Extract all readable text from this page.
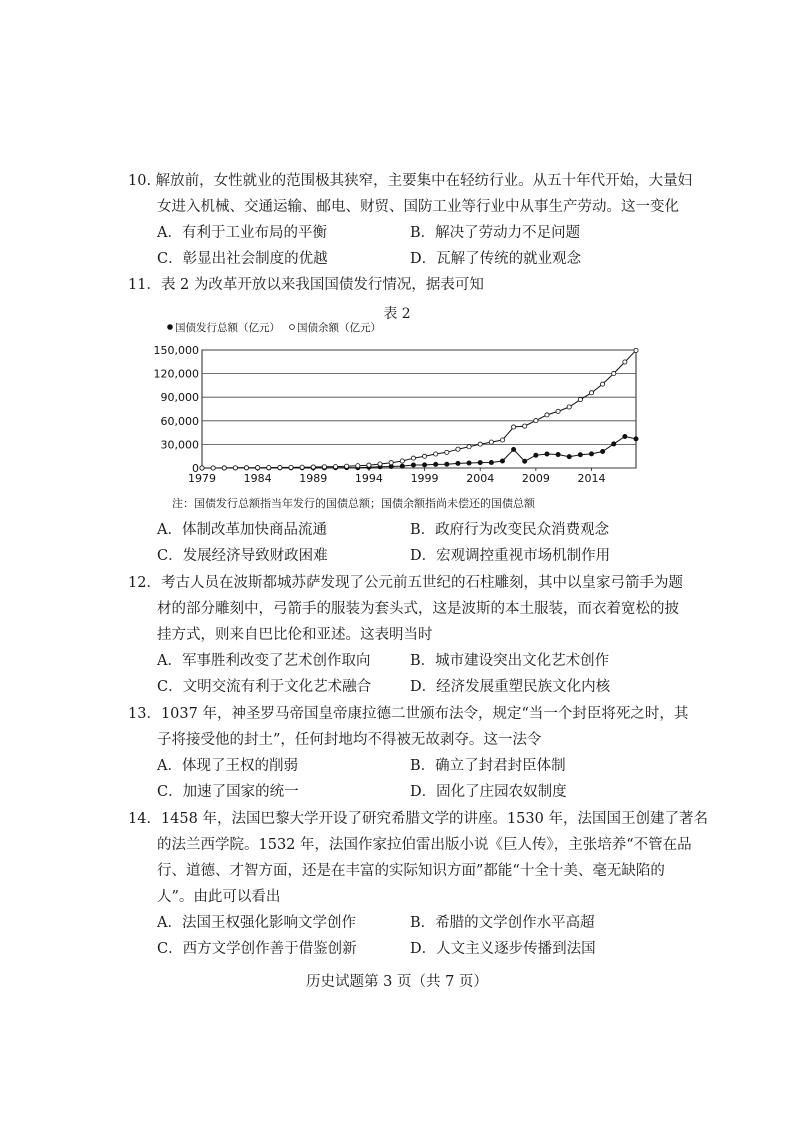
10. 解放前，女性就业的范围极其狭窄，主要集中在轻纺行业。从五十年代开始，大量妇
女进入机械、交通运输、邮电、财贸、国防工业等行业中从事生产劳动。这一变化
A．有利于工业布局的平衡	B．解决了劳动力不足问题
C．彰显出社会制度的优越	D．瓦解了传统的就业观念
11．表 2 为改革开放以来我国国债发行情况，据表可知
表 2
0
30,000
60,000
90,000
120,000
150,000
1979	1984	1989	1994	1999	2004	2009	2014
国债发行总额（亿元） 国债余额（亿元）
注：国债发行总额指当年发行的国债总额；国债余额指尚未偿还的国债总额
A．体制改革加快商品流通	B．政府行为改变民众消费观念
C．发展经济导致财政困难	D．宏观调控重视市场机制作用
12．考古人员在波斯都城苏萨发现了公元前五世纪的石柱雕刻，其中以皇家弓箭手为题
材的部分雕刻中，弓箭手的服装为套头式，这是波斯的本土服装，而衣着宽松的披
挂方式，则来自巴比伦和亚述。这表明当时
A．军事胜利改变了艺术创作取向	B．城市建设突出文化艺术创作
C．文明交流有利于文化艺术融合	D．经济发展重塑民族文化内核
13．1037 年，神圣罗马帝国皇帝康拉德二世颁布法令，规定“当一个封臣将死之时，其
子将接受他的封土”，任何封地均不得被无故剥夺。这一法令
A．体现了王权的削弱	B．确立了封君封臣体制
C．加速了国家的统一	D．固化了庄园农奴制度
14．1458 年，法国巴黎大学开设了研究希腊文学的讲座。1530 年，法国国王创建了著名
的法兰西学院。1532 年，法国作家拉伯雷出版小说《巨人传》，主张培养“不管在品
行、道德、才智方面，还是在丰富的实际知识方面”都能“十全十美、毫无缺陷的
人”。由此可以看出
A．法国王权强化影响文学创作	B．希腊的文学创作水平高超
C．西方文学创作善于借鉴创新	D．人文主义逐步传播到法国
历史试题第 3 页（共 7 页）
